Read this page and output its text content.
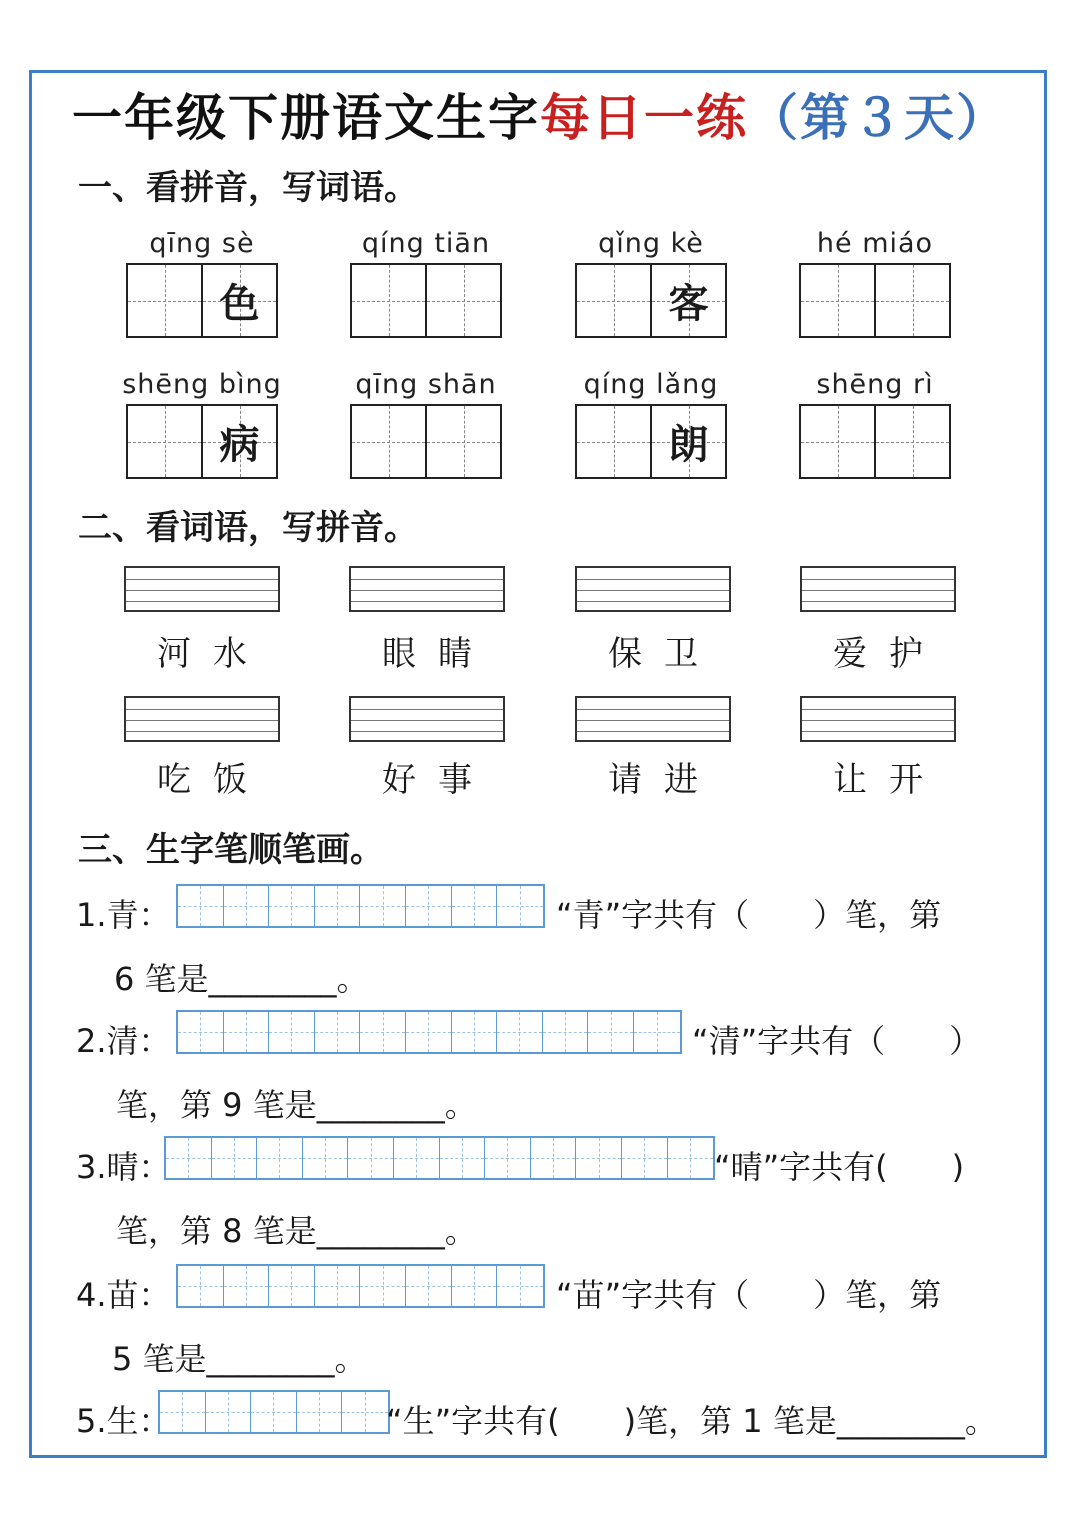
一年级下册语文生字每日一练（第３天）
一、看拼音，写词语。
qīng sè
色
qíng tiān	qǐng kè
客
hé miáo
shēng bìng
病
qīng shān	qíng lǎng
朗
shēng rì
二、看词语，写拼音。
河水	眼睛	保卫	爱护
吃饭	好事	请进	让开
三、生字笔顺笔画。
1.青：	“青”字共有（　　）笔，第
6 笔是________。
2.清：	“清”字共有（　　）
笔，第 9 笔是________。
3.晴：	“晴”字共有(　　)
笔，第 8 笔是________。
4.苗：	“苗”字共有（　　）笔，第
5 笔是________。
5.生：	“生”字共有(　　)笔，第 1 笔是________。
